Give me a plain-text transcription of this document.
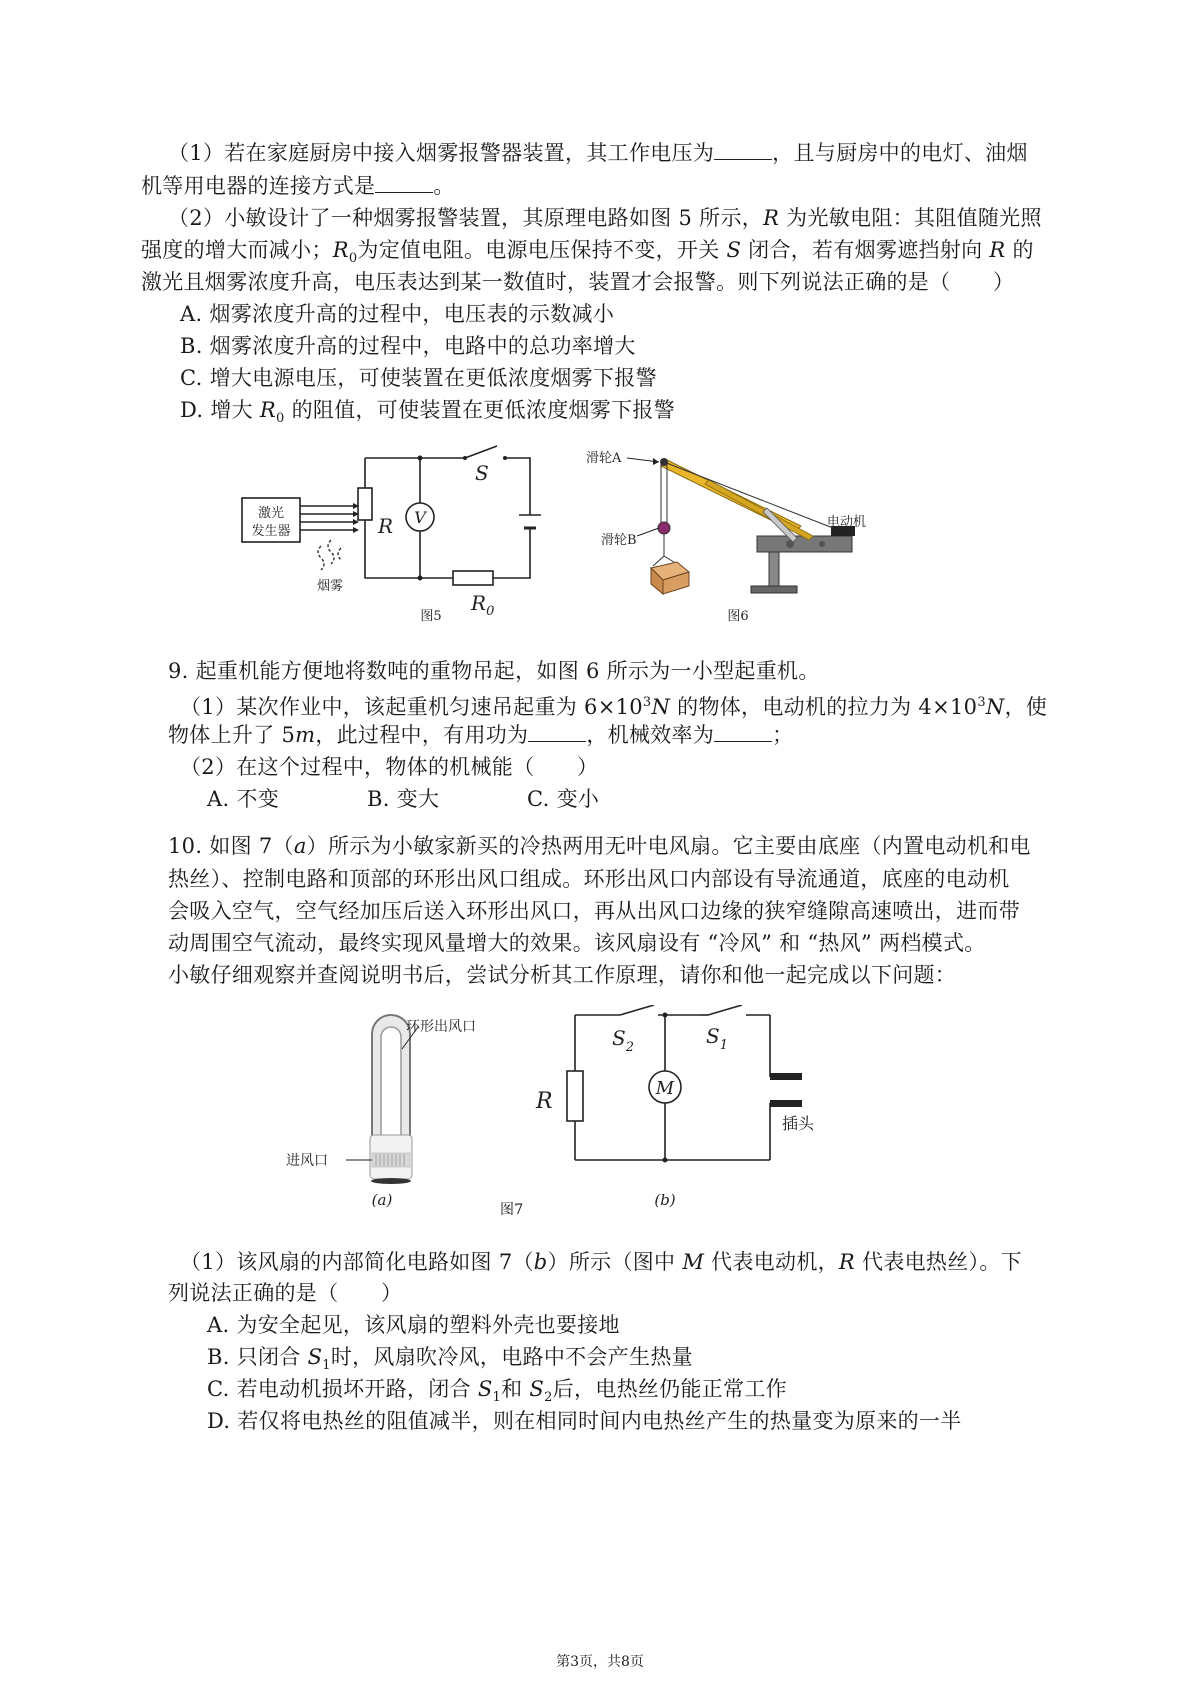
（1）若在家庭厨房中接入烟雾报警器装置，其工作电压为	，且与厨房中的电灯、油烟
机等用电器的连接方式是	。
（2）小敏设计了一种烟雾报警装置，其原理电路如图 5 所示，R 为光敏电阻：其阻值随光照
强度的增大而减小；$R_0$为定值电阻。电源电压保持不变，开关 S 闭合，若有烟雾遮挡射向 R 的
激光且烟雾浓度升高，电压表达到某一数值时，装置才会报警。则下列说法正确的是（　　）
A. 烟雾浓度升高的过程中，电压表的示数减小
B. 烟雾浓度升高的过程中，电路中的总功率增大
C. 增大电源电压，可使装置在更低浓度烟雾下报警
D. 增大 $R_0$ 的阻值，可使装置在更低浓度烟雾下报警
激光
发生器	R V
S
烟雾
$R_0$
图5
滑轮A
滑轮B
电动机
图6
9. 起重机能方便地将数吨的重物吊起，如图 6 所示为一小型起重机。
（1）某次作业中，该起重机匀速吊起重为 $6\times 10^3N$ 的物体，电动机的拉力为 $4\times 10^3N$，使
物体上升了 5m，此过程中，有用功为	，机械效率为	；
（2）在这个过程中，物体的机械能（　　）
A. 不变	B. 变大	C. 变小
10. 如图 7（a）所示为小敏家新买的冷热两用无叶电风扇。它主要由底座（内置电动机和电
热丝）、控制电路和顶部的环形出风口组成。环形出风口内部设有导流通道，底座的电动机
会吸入空气，空气经加压后送入环形出风口，再从出风口边缘的狭窄缝隙高速喷出，进而带
动周围空气流动，最终实现风量增大的效果。该风扇设有 “冷风” 和 “热风” 两档模式。
小敏仔细观察并查阅说明书后，尝试分析其工作原理，请你和他一起完成以下问题：
环形出风口
进风口
(a)
R
$S_2$	$S_1$
M
插头
(b)
图7
（1）该风扇的内部简化电路如图 7（b）所示（图中 M 代表电动机，R 代表电热丝）。下
列说法正确的是（　　）
A. 为安全起见，该风扇的塑料外壳也要接地
B. 只闭合 $S_1$时，风扇吹冷风，电路中不会产生热量
C. 若电动机损坏开路，闭合 $S_1$和 $S_2$后，电热丝仍能正常工作
D. 若仅将电热丝的阻值减半，则在相同时间内电热丝产生的热量变为原来的一半
第3页，共8页
